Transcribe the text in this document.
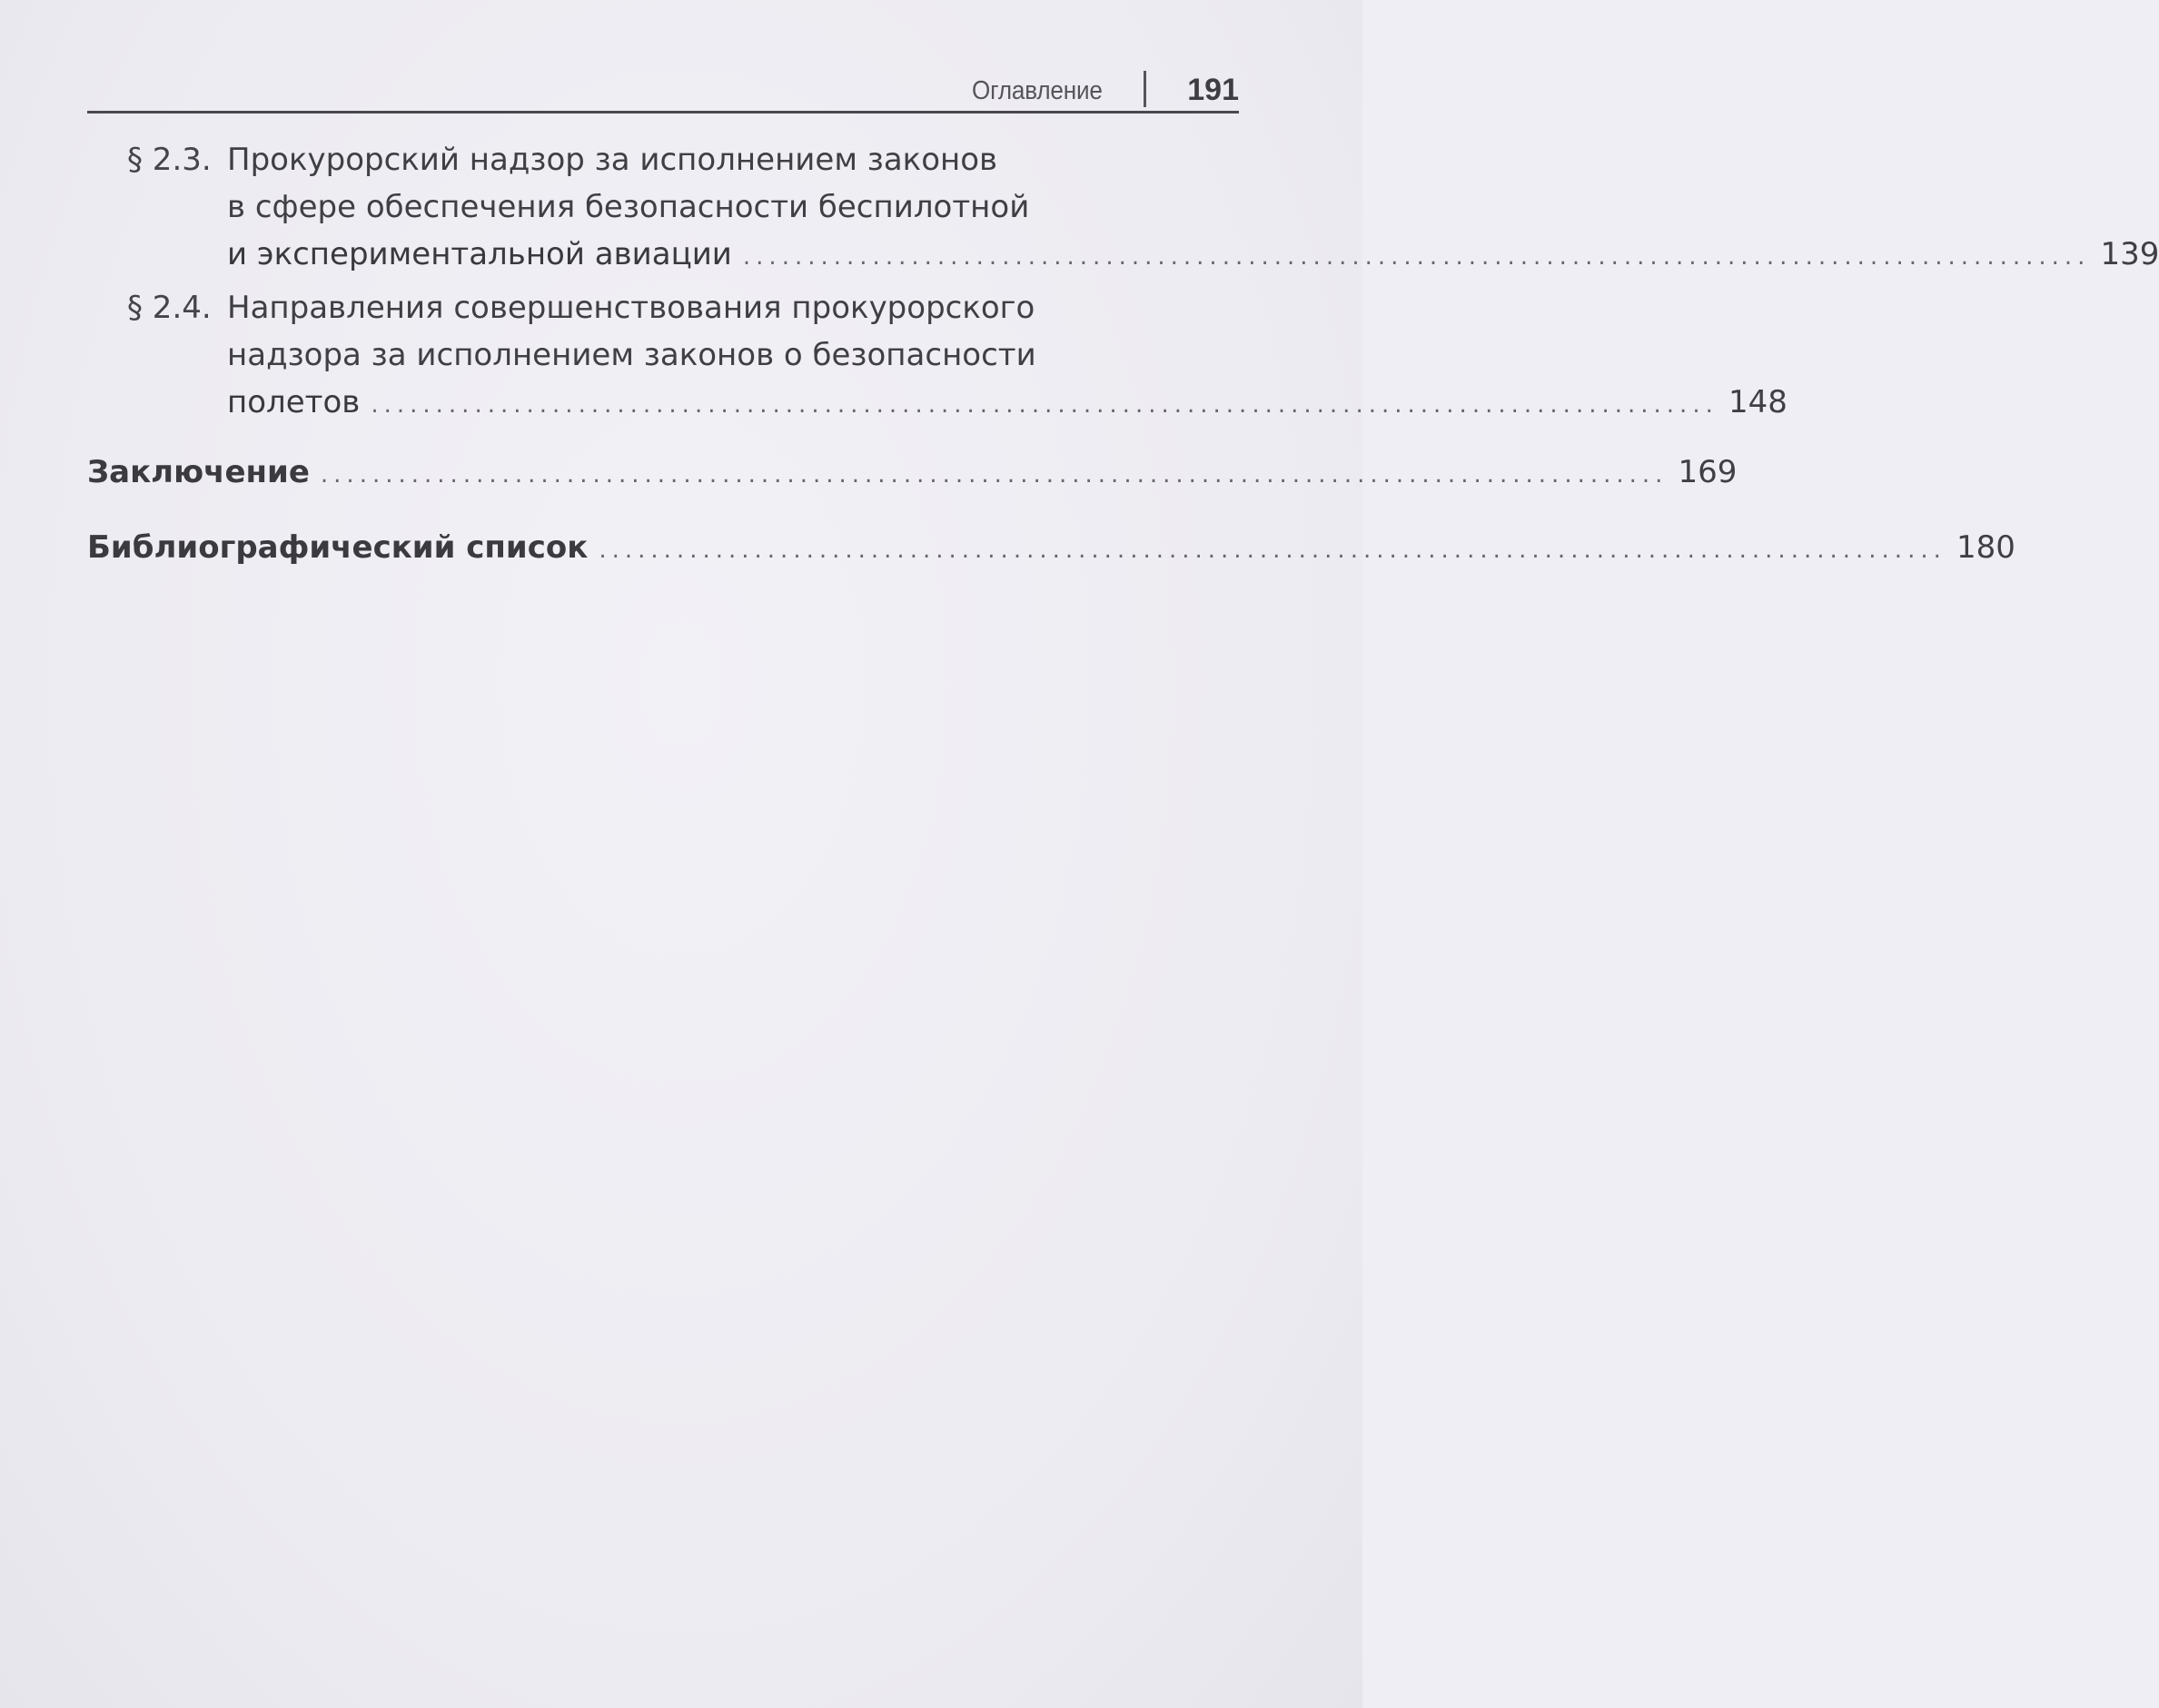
Оглавление	191
§ 2.3. Прокурорский надзор за исполнением законов
в сфере обеспечения безопасности беспилотной
и экспериментальной авиации ........................................................................................................ 139
§ 2.4. Направления совершенствования прокурорского
надзора за исполнением законов о безопасности
полетов ........................................................................................................ 148
Заключение ........................................................................................................ 169
Библиографический список ........................................................................................................ 180
